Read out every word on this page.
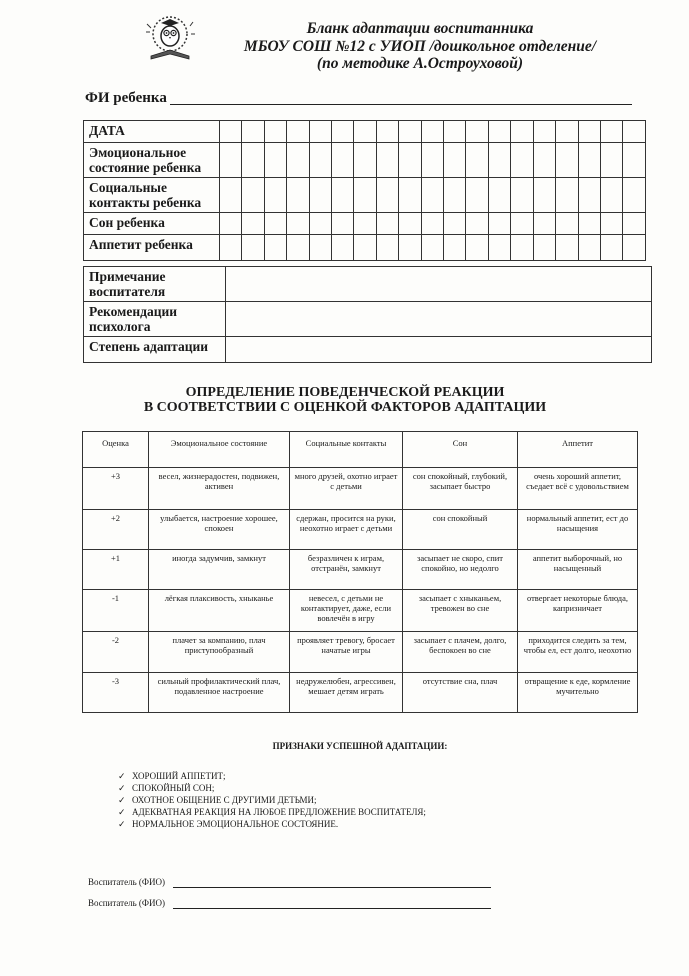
Бланк адаптации воспитанника
МБОУ СОШ №12 с УИОП /дошкольное отделение/
(по методике А.Остроуховой)
ФИ ребенка
ДАТА																			
Эмоциональное состояние ребенка																			
Социальные контакты ребенка																			
Сон ребенка																			
Аппетит ребенка																			
Примечание воспитателя	
Рекомендации психолога	
Степень адаптации	
ОПРЕДЕЛЕНИЕ ПОВЕДЕНЧЕСКОЙ РЕАКЦИИ
В СООТВЕТСТВИИ С ОЦЕНКОЙ ФАКТОРОВ АДАПТАЦИИ
Оценка	Эмоциональное состояние	Социальные контакты	Сон	Аппетит
+3	весел, жизнерадостен, подвижен, активен	много друзей, охотно играет с детьми	сон спокойный, глубокий, засыпает быстро	очень хороший аппетит, съедает всё с удовольствием
+2	улыбается, настроение хорошее, спокоен	сдержан, просится на руки, неохотно играет с детьми	сон спокойный	нормальный аппетит, ест до насыщения
+1	иногда задумчив, замкнут	безразличен к играм, отстранён, замкнут	засыпает не скоро, спит спокойно, но недолго	аппетит выборочный, но насыщенный
-1	лёгкая плаксивость, хныканье	невесел, с детьми не контактирует, даже, если вовлечён в игру	засыпает с хныканьем, тревожен во сне	отвергает некоторые блюда, капризничает
-2	плачет за компанию, плач приступообразный	проявляет тревогу, бросает начатые игры	засыпает с плачем, долго, беспокоен во сне	приходится следить за тем, чтобы ел, ест долго, неохотно
-3	сильный профилактический плач, подавленное настроение	недружелюбен, агрессивен, мешает детям играть	отсутствие сна, плач	отвращение к еде, кормление мучительно
ПРИЗНАКИ УСПЕШНОЙ АДАПТАЦИИ:
✓ ХОРОШИЙ АППЕТИТ;
✓ СПОКОЙНЫЙ СОН;
✓ ОХОТНОЕ ОБЩЕНИЕ С ДРУГИМИ ДЕТЬМИ;
✓ АДЕКВАТНАЯ РЕАКЦИЯ НА ЛЮБОЕ ПРЕДЛОЖЕНИЕ ВОСПИТАТЕЛЯ;
✓ НОРМАЛЬНОЕ ЭМОЦИОНАЛЬНОЕ СОСТОЯНИЕ.
Воспитатель (ФИО)
Воспитатель (ФИО)
